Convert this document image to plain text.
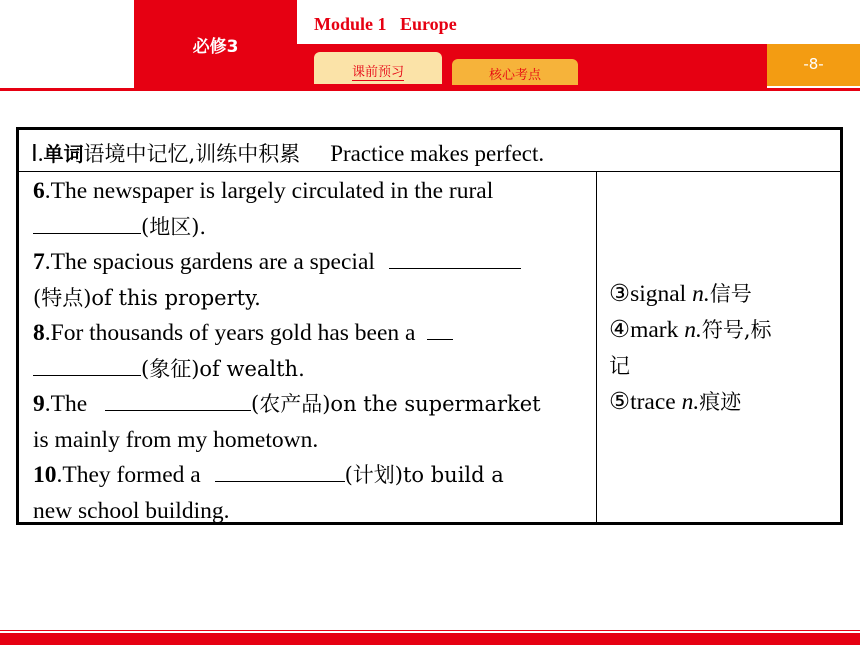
必修3
Module 1   Europe
课前预习	核心考点
-8-
Ⅰ.单词语境中记忆,训练中积累 Practice makes perfect.
6.The newspaper is largely circulated in the rural
(地区).
7.The spacious gardens are a special
(特点)of this property.
8.For thousands of years gold has been a
(象征)of wealth.
9.The	(农产品)on the supermarket
is mainly from my hometown.
10.They formed a	(计划)to build a
new school building.
③signal n.信号
④mark n.符号,标
记
⑤trace n.痕迹
